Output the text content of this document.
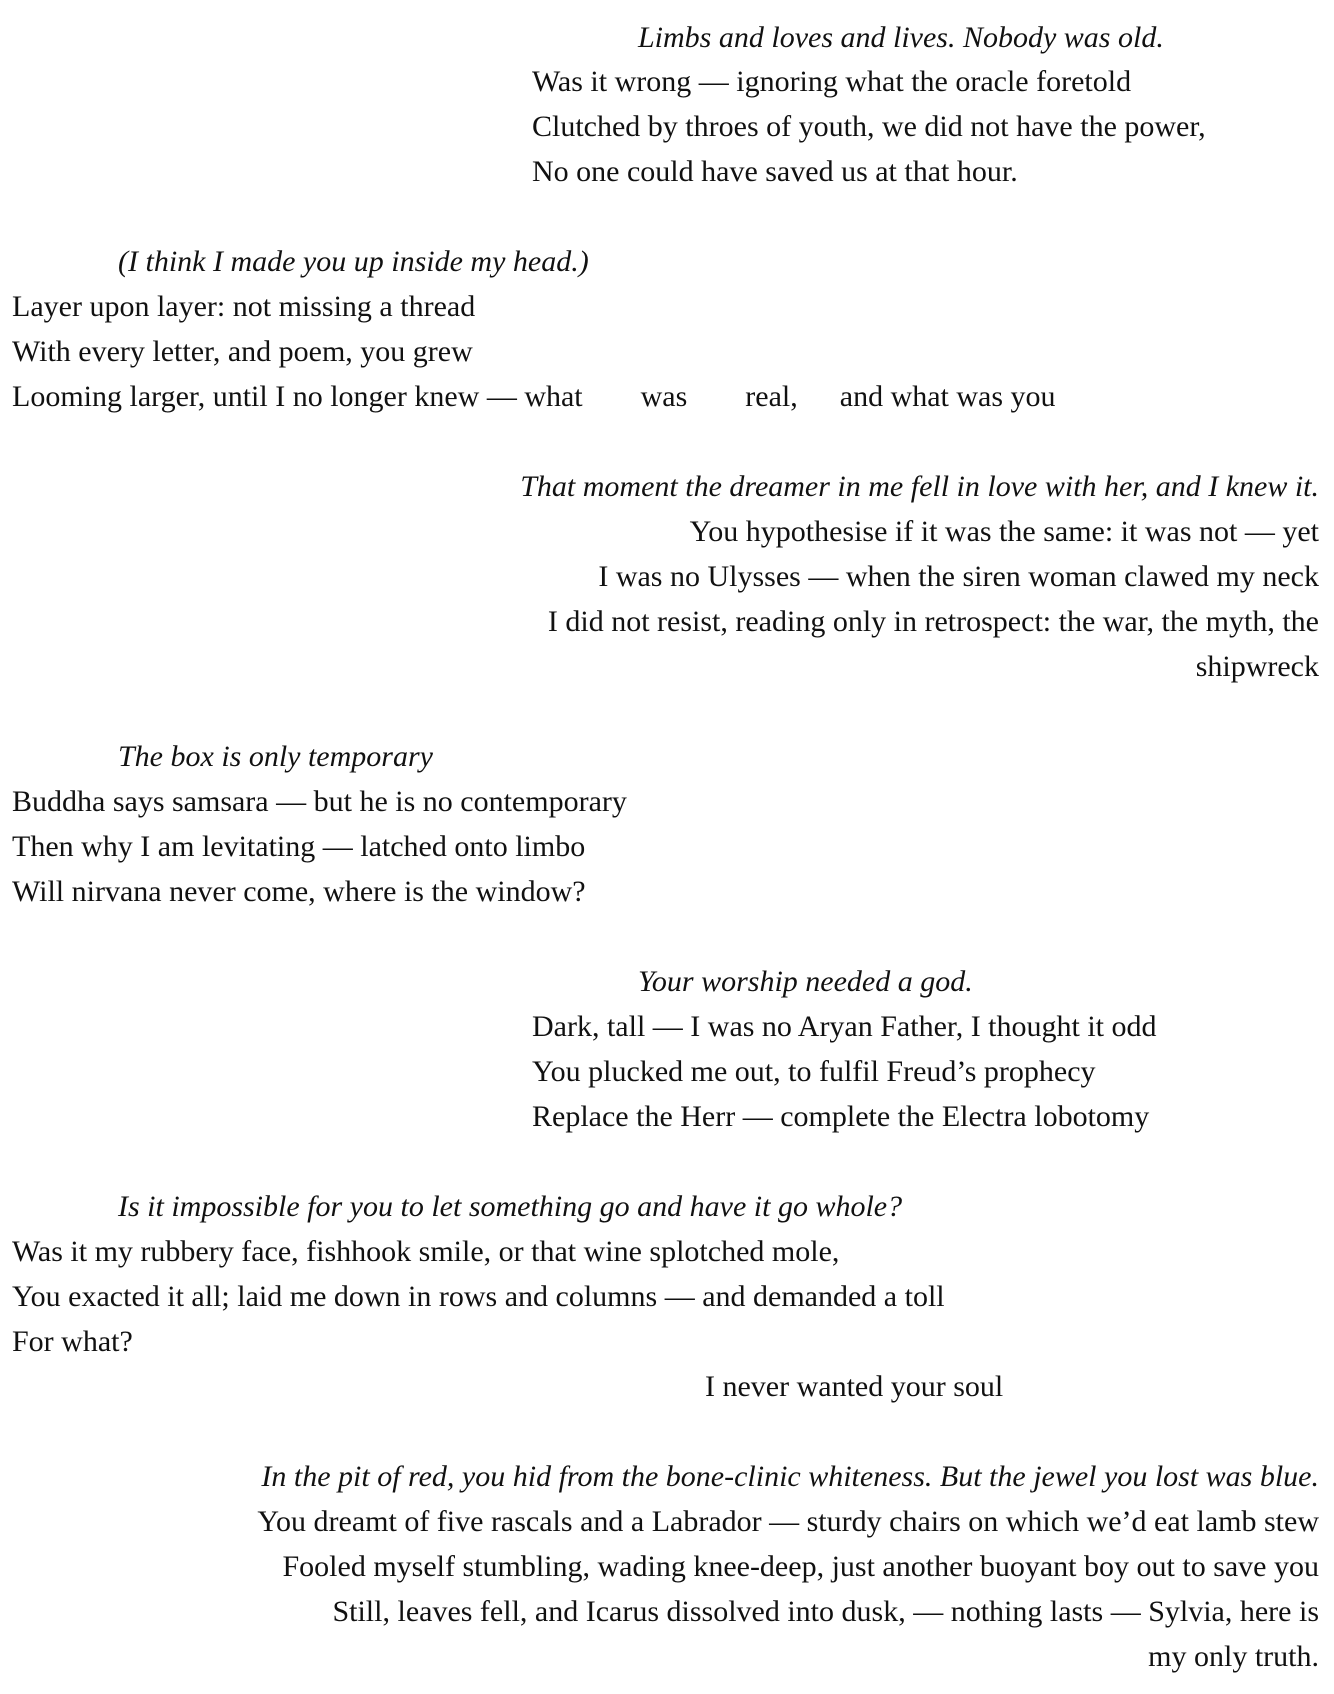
Limbs and loves and lives. Nobody was old.
Was it wrong — ignoring what the oracle foretold
Clutched by throes of youth, we did not have the power,
No one could have saved us at that hour.
(I think I made you up inside my head.)
Layer upon layer: not missing a thread
With every letter, and poem, you grew
Looming larger, until I no longer knew — what was real, and what was you
That moment the dreamer in me fell in love with her, and I knew it.
You hypothesise if it was the same: it was not — yet
I was no Ulysses — when the siren woman clawed my neck
I did not resist, reading only in retrospect: the war, the myth, the
shipwreck
The box is only temporary
Buddha says samsara — but he is no contemporary
Then why I am levitating — latched onto limbo
Will nirvana never come, where is the window?
Your worship needed a god.
Dark, tall — I was no Aryan Father, I thought it odd
You plucked me out, to fulfil Freud’s prophecy
Replace the Herr — complete the Electra lobotomy
Is it impossible for you to let something go and have it go whole?
Was it my rubbery face, fishhook smile, or that wine splotched mole,
You exacted it all; laid me down in rows and columns — and demanded a toll
For what?
I never wanted your soul
In the pit of red, you hid from the bone-clinic whiteness. But the jewel you lost was blue.
You dreamt of five rascals and a Labrador — sturdy chairs on which we’d eat lamb stew
Fooled myself stumbling, wading knee-deep, just another buoyant boy out to save you
Still, leaves fell, and Icarus dissolved into dusk, — nothing lasts — Sylvia, here is
my only truth.
